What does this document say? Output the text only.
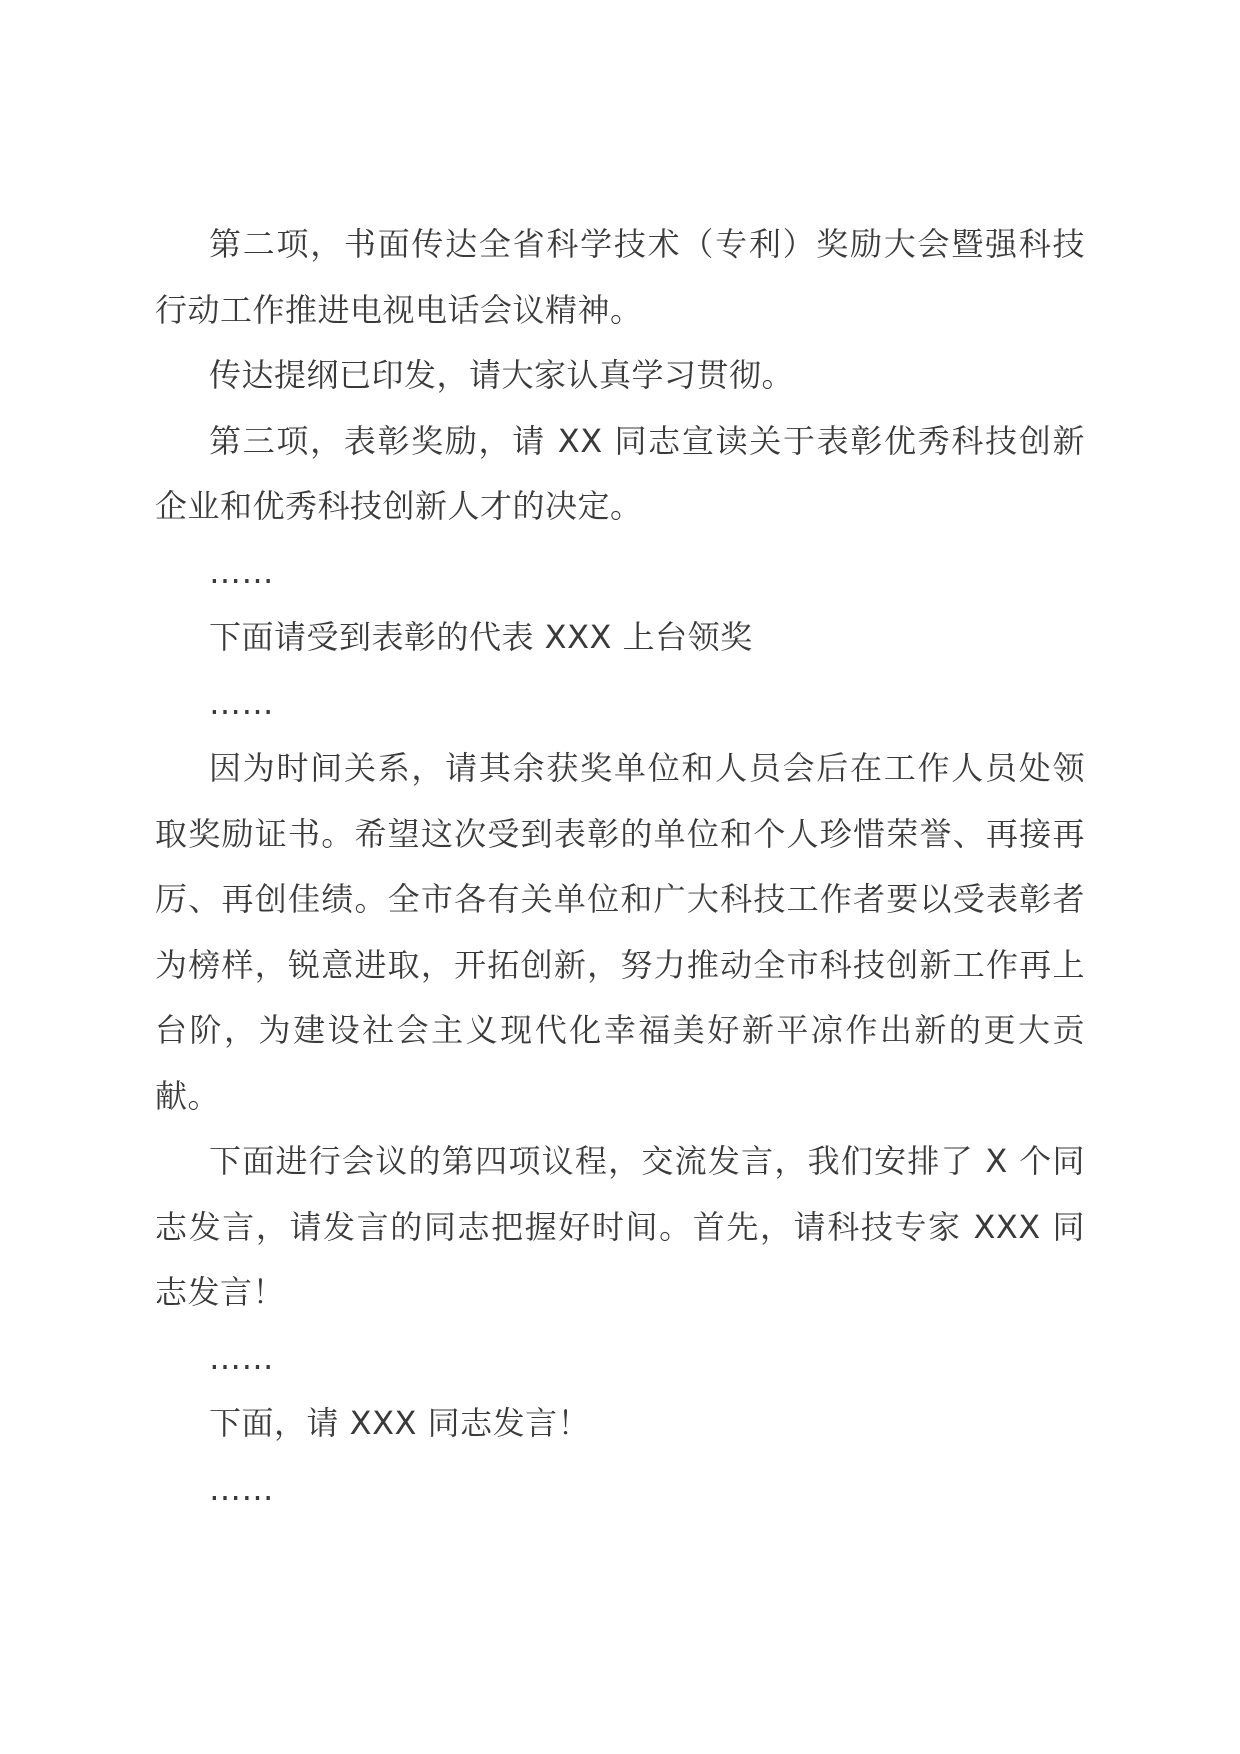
第二项，书面传达全省科学技术（专利）奖励大会暨强科技行动工作推进电视电话会议精神。

传达提纲已印发，请大家认真学习贯彻。

第三项，表彰奖励，请 XX 同志宣读关于表彰优秀科技创新企业和优秀科技创新人才的决定。

……

下面请受到表彰的代表 XXX 上台领奖

……

因为时间关系，请其余获奖单位和人员会后在工作人员处领取奖励证书。希望这次受到表彰的单位和个人珍惜荣誉、再接再厉、再创佳绩。全市各有关单位和广大科技工作者要以受表彰者为榜样，锐意进取，开拓创新，努力推动全市科技创新工作再上台阶，为建设社会主义现代化幸福美好新平凉作出新的更大贡献。

下面进行会议的第四项议程，交流发言，我们安排了 X 个同志发言，请发言的同志把握好时间。首先，请科技专家 XXX 同志发言！

……

下面，请 XXX 同志发言！

……
